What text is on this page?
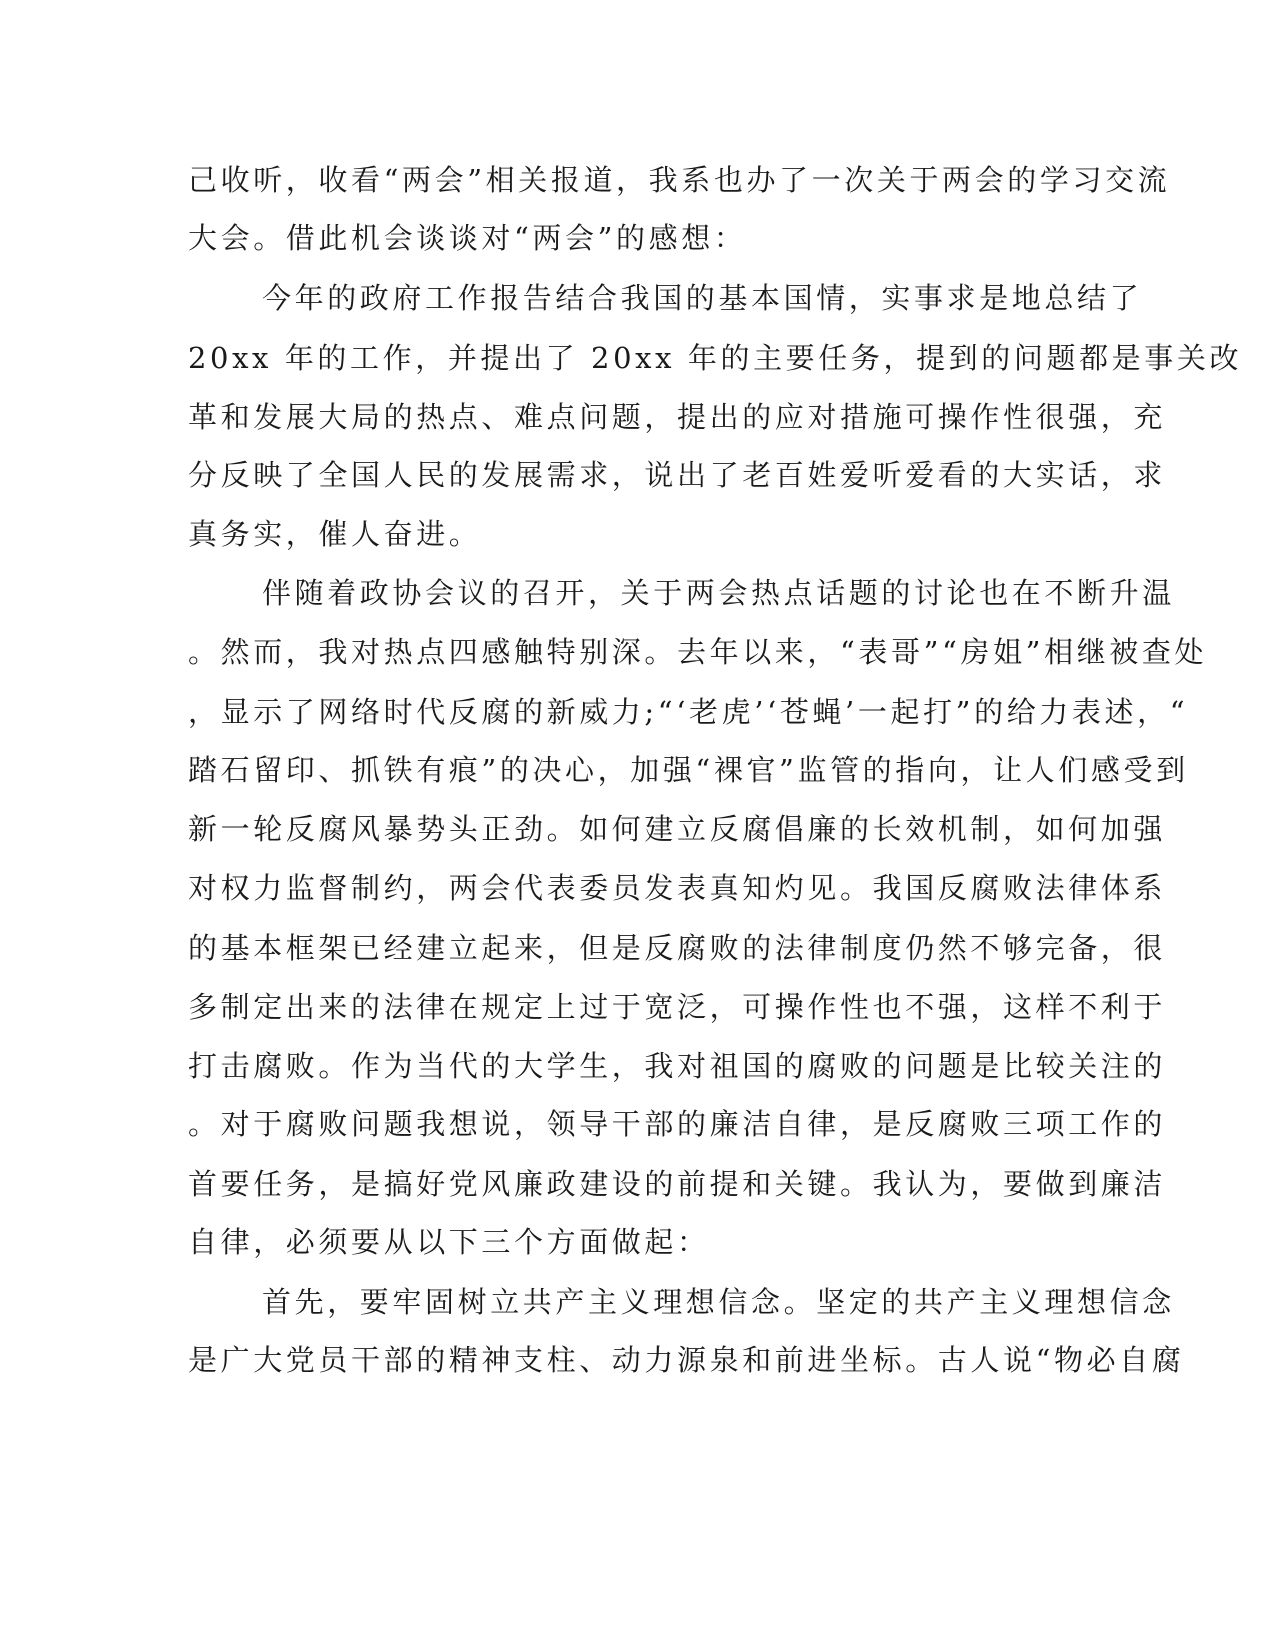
己收听，收看“两会”相关报道，我系也办了一次关于两会的学习交流
大会。借此机会谈谈对“两会”的感想：
今年的政府工作报告结合我国的基本国情，实事求是地总结了
20xx 年的工作，并提出了 20xx 年的主要任务，提到的问题都是事关改
革和发展大局的热点、难点问题，提出的应对措施可操作性很强，充
分反映了全国人民的发展需求，说出了老百姓爱听爱看的大实话，求
真务实，催人奋进。
伴随着政协会议的召开，关于两会热点话题的讨论也在不断升温
。然而，我对热点四感触特别深。去年以来，“表哥”“房姐”相继被查处
，显示了网络时代反腐的新威力;“‘老虎’‘苍蝇’一起打”的给力表述，“
踏石留印、抓铁有痕”的决心，加强“裸官”监管的指向，让人们感受到
新一轮反腐风暴势头正劲。如何建立反腐倡廉的长效机制，如何加强
对权力监督制约，两会代表委员发表真知灼见。我国反腐败法律体系
的基本框架已经建立起来，但是反腐败的法律制度仍然不够完备，很
多制定出来的法律在规定上过于宽泛，可操作性也不强，这样不利于
打击腐败。作为当代的大学生，我对祖国的腐败的问题是比较关注的
。对于腐败问题我想说，领导干部的廉洁自律，是反腐败三项工作的
首要任务，是搞好党风廉政建设的前提和关键。我认为，要做到廉洁
自律，必须要从以下三个方面做起：
首先，要牢固树立共产主义理想信念。坚定的共产主义理想信念
是广大党员干部的精神支柱、动力源泉和前进坐标。古人说“物必自腐
